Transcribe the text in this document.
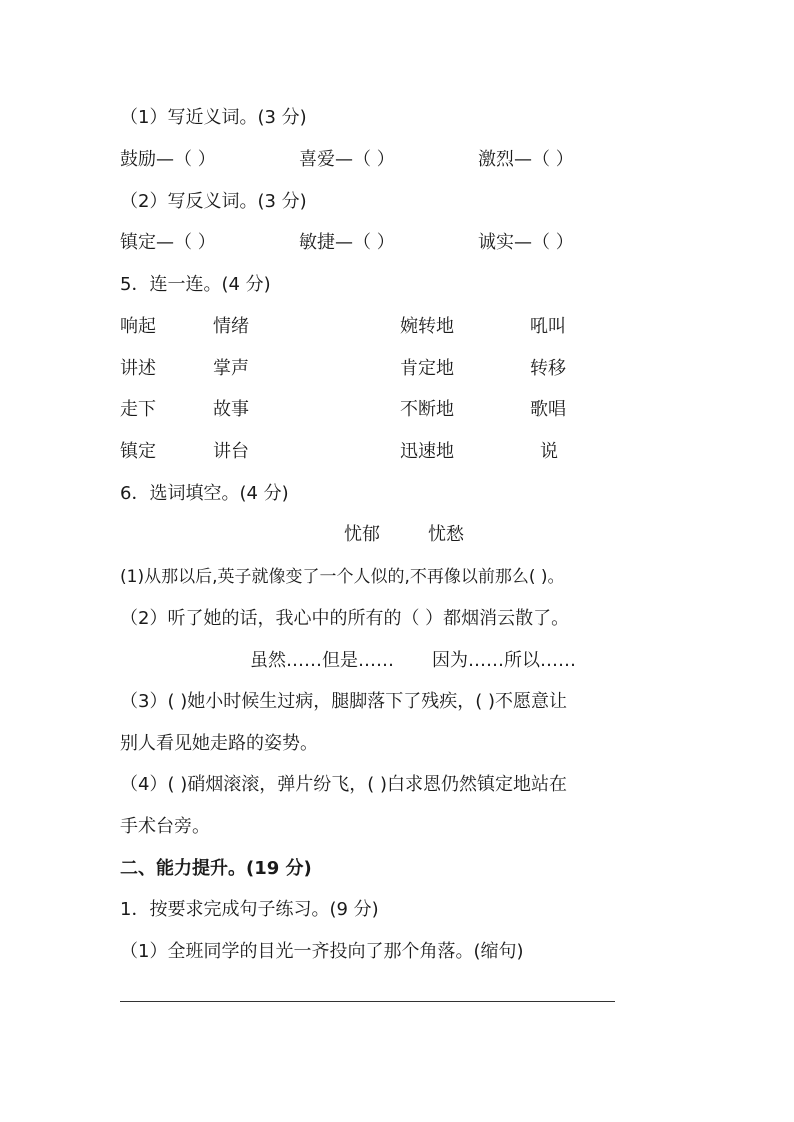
（1）写近义词。(3 分)
鼓励—（ ）	喜爱—（ ）	激烈—（ ）
（2）写反义词。(3 分)
镇定—（ ）	敏捷—（ ）	诚实—（ ）
5．连一连。(4 分)
响起	情绪	婉转地	吼叫
讲述	掌声	肯定地	转移
走下	故事	不断地	歌唱
镇定	讲台	迅速地	说
6．选词填空。(4 分)
忧郁	忧愁
(1)从那以后,英子就像变了一个人似的,不再像以前那么( )。
（2）听了她的话，我心中的所有的（ ）都烟消云散了。
虽然……但是…… 因为……所以……
（3）( )她小时候生过病，腿脚落下了残疾，( )不愿意让
别人看见她走路的姿势。
（4）( )硝烟滚滚，弹片纷飞，( )白求恩仍然镇定地站在
手术台旁。
二、能力提升。(19 分)
1．按要求完成句子练习。(9 分)
（1）全班同学的目光一齐投向了那个角落。(缩句)
